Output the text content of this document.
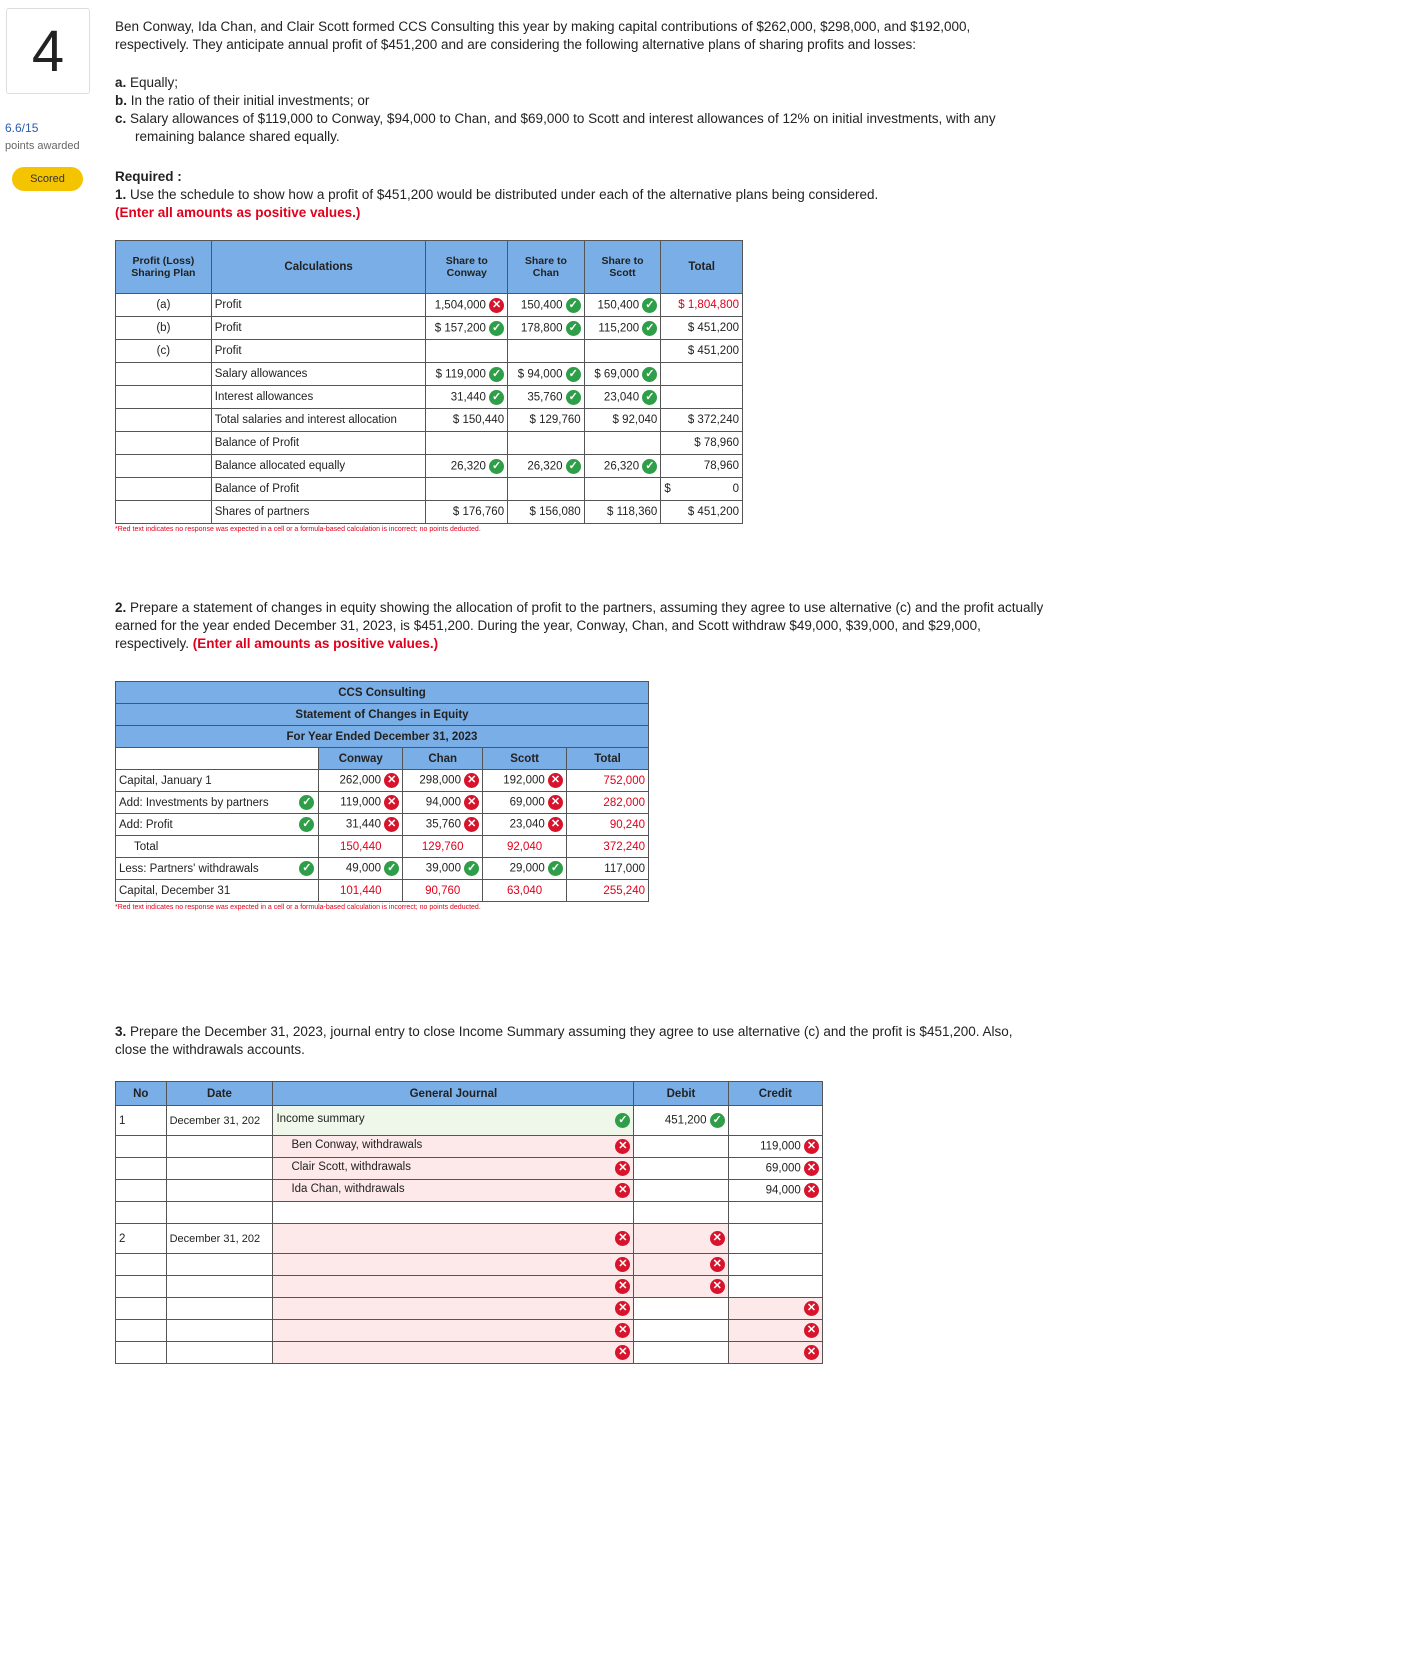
4
6.6/15
points awarded
Scored
Ben Conway, Ida Chan, and Clair Scott formed CCS Consulting this year by making capital contributions of $262,000, $298,000, and $192,000, respectively. They anticipate annual profit of $451,200 and are considering the following alternative plans of sharing profits and losses:
a. Equally;
b. In the ratio of their initial investments; or
c. Salary allowances of $119,000 to Conway, $94,000 to Chan, and $69,000 to Scott and interest allowances of 12% on initial investments, with any remaining balance shared equally.
Required :
1. Use the schedule to show how a profit of $451,200 would be distributed under each of the alternative plans being considered.
(Enter all amounts as positive values.)
Profit (Loss) Sharing Plan	Calculations	Share to Conway	Share to Chan	Share to Scott	Total
(a)	Profit	1,504,000 ✕	150,400 ✓	150,400 ✓	$ 1,804,800
(b)	Profit	$ 157,200 ✓	178,800 ✓	115,200 ✓	$ 451,200
(c)	Profit				$ 451,200
	Salary allowances	$ 119,000 ✓	$ 94,000 ✓	$ 69,000 ✓	
	Interest allowances	31,440 ✓	35,760 ✓	23,040 ✓	
	Total salaries and interest allocation	$ 150,440	$ 129,760	$ 92,040	$ 372,240
	Balance of Profit				$ 78,960
	Balance allocated equally	26,320 ✓	26,320 ✓	26,320 ✓	78,960
	Balance of Profit				$ 0
	Shares of partners	$ 176,760	$ 156,080	$ 118,360	$ 451,200
*Red text indicates no response was expected in a cell or a formula-based calculation is incorrect; no points deducted.
2. Prepare a statement of changes in equity showing the allocation of profit to the partners, assuming they agree to use alternative (c) and the profit actually earned for the year ended December 31, 2023, is $451,200. During the year, Conway, Chan, and Scott withdraw $49,000, $39,000, and $29,000, respectively. (Enter all amounts as positive values.)
CCS Consulting					
Statement of Changes in Equity					
For Year Ended December 31, 2023					
		Conway	Chan	Scott	Total
Capital, January 1		262,000 ✕	298,000 ✕	192,000 ✕	752,000
Add: Investments by partners	✓	119,000 ✕	94,000 ✕	69,000 ✕	282,000
Add: Profit	✓	31,440 ✕	35,760 ✕	23,040 ✕	90,240
Total		150,440	129,760	92,040	372,240
Less: Partners' withdrawals	✓	49,000 ✓	39,000 ✓	29,000 ✓	117,000
Capital, December 31		101,440	90,760	63,040	255,240
*Red text indicates no response was expected in a cell or a formula-based calculation is incorrect; no points deducted.
3. Prepare the December 31, 2023, journal entry to close Income Summary assuming they agree to use alternative (c) and the profit is $451,200. Also, close the withdrawals accounts.
No	Date	General Journal	Debit	Credit
1	December 31, 202	Income summary ✓	451,200 ✓	
		Ben Conway, withdrawals ✕		119,000 ✕
		Clair Scott, withdrawals ✕		69,000 ✕
		Ida Chan, withdrawals ✕		94,000 ✕

2	December 31, 202	✕	✕	

		✕	✕	

		✕	✕	

		✕		✕

		✕		✕

		✕		✕
